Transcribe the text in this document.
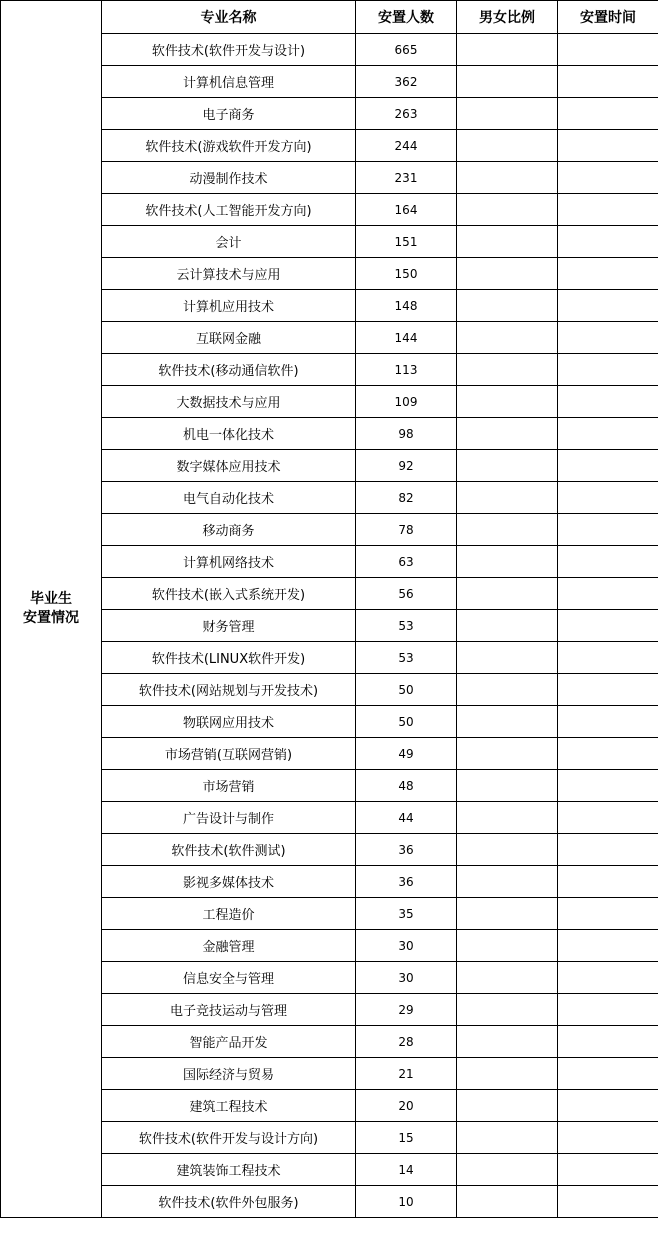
毕业生
安置情况	专业名称	安置人数	男女比例	安置时间
	软件技术(软件开发与设计)	665		
	计算机信息管理	362		
	电子商务	263		
	软件技术(游戏软件开发方向)	244		
	动漫制作技术	231		
	软件技术(人工智能开发方向)	164		
	会计	151		
	云计算技术与应用	150		
	计算机应用技术	148		
	互联网金融	144		
	软件技术(移动通信软件)	113		
	大数据技术与应用	109		
	机电一体化技术	98		
	数字媒体应用技术	92		
	电气自动化技术	82		
	移动商务	78		
	计算机网络技术	63		
	软件技术(嵌入式系统开发)	56		
	财务管理	53		
	软件技术(LINUX软件开发)	53		
	软件技术(网站规划与开发技术)	50		
	物联网应用技术	50		
	市场营销(互联网营销)	49		
	市场营销	48		
	广告设计与制作	44		
	软件技术(软件测试)	36		
	影视多媒体技术	36		
	工程造价	35		
	金融管理	30		
	信息安全与管理	30		
	电子竞技运动与管理	29		
	智能产品开发	28		
	国际经济与贸易	21		
	建筑工程技术	20		
	软件技术(软件开发与设计方向)	15		
	建筑装饰工程技术	14		
	软件技术(软件外包服务)	10		
